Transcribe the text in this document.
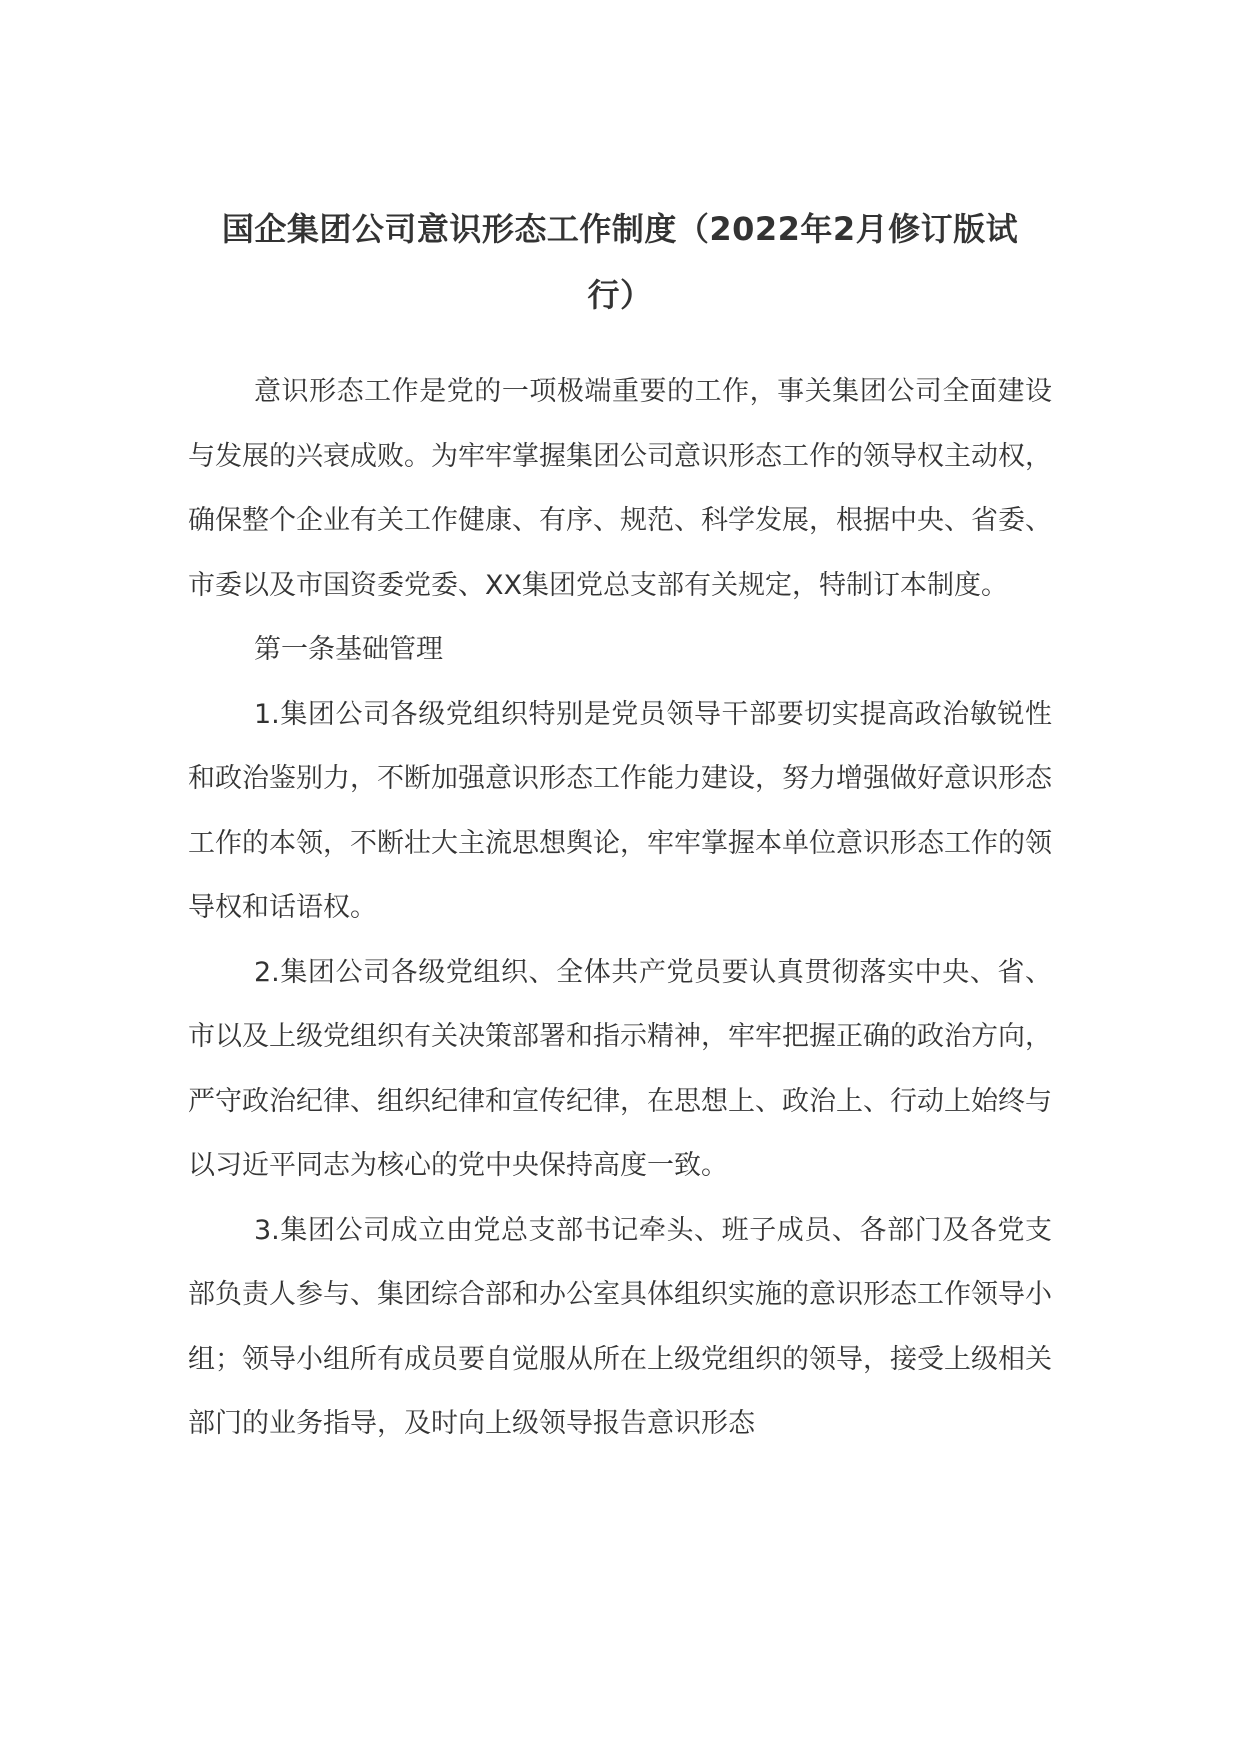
国企集团公司意识形态工作制度（2022年2月修订版试
行）

意识形态工作是党的一项极端重要的工作，事关集团公司全面建设与发展的兴衰成败。为牢牢掌握集团公司意识形态工作的领导权主动权，确保整个企业有关工作健康、有序、规范、科学发展，根据中央、省委、市委以及市国资委党委、XX集团党总支部有关规定，特制订本制度。

第一条基础管理

1.集团公司各级党组织特别是党员领导干部要切实提高政治敏锐性和政治鉴别力，不断加强意识形态工作能力建设，努力增强做好意识形态工作的本领，不断壮大主流思想舆论，牢牢掌握本单位意识形态工作的领导权和话语权。

2.集团公司各级党组织、全体共产党员要认真贯彻落实中央、省、市以及上级党组织有关决策部署和指示精神，牢牢把握正确的政治方向，严守政治纪律、组织纪律和宣传纪律，在思想上、政治上、行动上始终与以习近平同志为核心的党中央保持高度一致。

3.集团公司成立由党总支部书记牵头、班子成员、各部门及各党支部负责人参与、集团综合部和办公室具体组织实施的意识形态工作领导小组；领导小组所有成员要自觉服从所在上级党组织的领导，接受上级相关部门的业务指导，及时向上级领导报告意识形态
